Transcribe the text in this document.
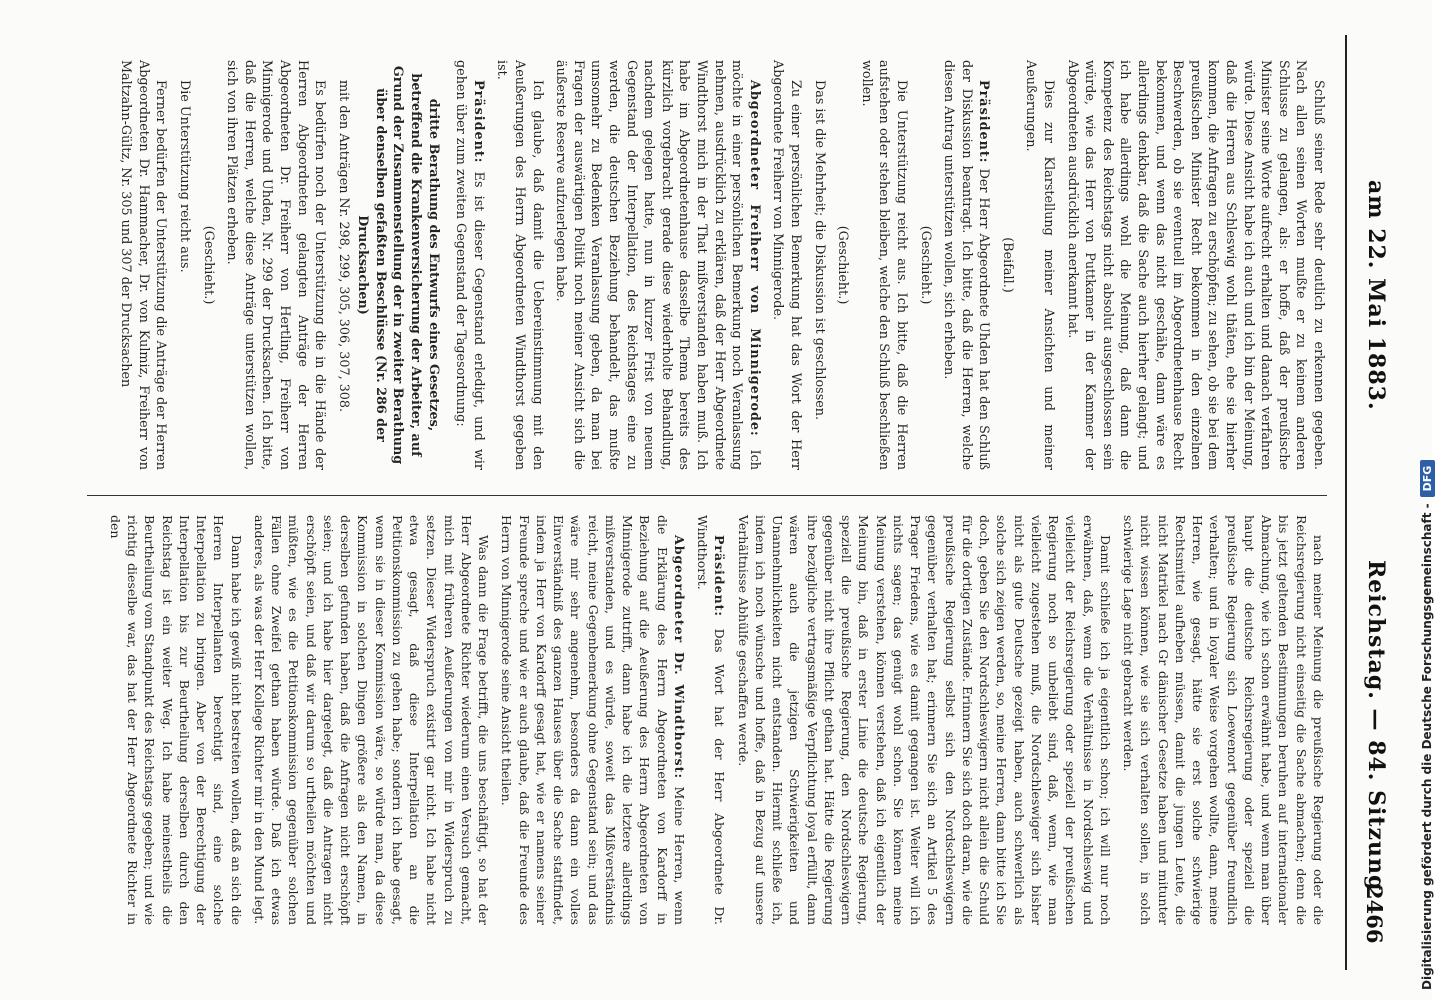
2466
Reichstag. — 84. Sitzung
am 22. Mai 1883.

nach meiner Meinung die preußische Regierung oder die Reichsregierung nicht einseitig die Sache abmachen; denn die bis jetzt geltenden Bestimmungen beruhen auf internationaler Abmachung, wie ich schon erwähnt habe, und wenn man über haupt die deutsche Reichsregierung oder speziell die preußische Regierung sich Loewenort gegenüber freundlich verhalten; und in loyaler Weise vorgehen wollte, dann, meine Herren, wie gesagt, hätte sie erst solche schwierige Rechtsmittel aufheben müssen, damit die jungen Leute, die nicht Matrikel nach Gr dänischer Gesetze haben und mitunter nicht wissen können, wie sie sich verhalten sollen, in solch schwierige Lage nicht gebracht werden.

Damit schließe ich ja eigentlich schon; ich will nur noch erwähnen, daß, wenn die Verhältnisse in Nordschleswig und vielleicht der Reichsregierung oder speziell der preußischen Regierung noch so unbeliebt sind, daß, wenn, wie man vielleicht zugestehen muß, die Nordschleswiger sich bisher nicht als gute Deutsche gezeigt haben, auch schwerlich als solche sich zeigen werden, so, meine Herren, dann bitte ich Sie doch, geben Sie den Nordschleswigern nicht allein die Schuld für die dortigen Zustände. Erinnern Sie sich doch daran, wie die preußische Regierung selbst sich den Nordschleswigern gegenüber verhalten hat; erinnern Sie sich an Artikel 5 des Prager Friedens, wie es damit gegangen ist. Weiter will ich nichts sagen; das genügt wohl schon. Sie können meine Meinung verstehen, können verstehen, daß ich eigentlich der Meinung bin, daß in erster Linie die deutsche Regierung, speziell die preußische Regierung, den Nordschleswigern gegenüber nicht ihre Pflicht gethan hat. Hätte die Regierung ihre bezügliche vertragsmäßige Verpflichtung loyal erfüllt, dann wären auch die jetzigen Schwierigkeiten und Unannehmlichkeiten nicht entstanden. Hiermit schließe ich, indem ich noch wünsche und hoffe, daß in Bezug auf unsere Verhältnisse Abhülfe geschaffen werde.

Präsident: Das Wort hat der Herr Abgeordnete Dr. Windthorst.

Abgeordneter Dr. Windthorst: Meine Herren, wenn die Erklärung des Herrn Abgeordneten von Kardorff in Beziehung auf die Aeußerung des Herrn Abgeordneten von Minnigerode zutrifft, dann habe ich die letztere allerdings mißverstanden, und es würde, soweit das Mißverständnis reicht, meine Gegenbemerkung ohne Gegenstand sein; und das wäre mir sehr angenehm, besonders da dann ein volles Einverständniß des ganzen Hauses über die Sache stattfindet, indem ja Herr von Kardorff gesagt hat, wie er namens seiner Freunde spreche und wie er auch glaube, daß die Freunde des Herrn von Minnigerode seine Ansicht theilen.

Was dann die Frage betrifft, die uns beschäftigt, so hat der Herr Abgeordnete Richter wiederum einen Versuch gemacht, mich mit früheren Aeußerungen von mir in Widerspruch zu setzen. Dieser Widerspruch existirt gar nicht. Ich habe nicht etwa gesagt, daß diese Interpellation an die Petitionskommission zu gehen habe; sondern ich habe gesagt, wenn sie in dieser Kommission wäre, so würde man, da diese Kommission in solchen Dingen größere als den Namen, in derselben gefunden haben, daß die Anfragen nicht erschöpft seien; und ich habe hier dargelegt, daß die Antragen nicht erschöpft seien, und daß wir darum so urtheilen möchten und müßten, wie es die Petitionskommission gegenüber solchen Fällen ohne Zweifel gethan haben würde. Daß ich etwas anderes, als was der Herr Kollege Richter mir in den Mund legt.

Dann habe ich gewiß nicht bestreiten wollen, daß an sich die Herren Interpellanten berechtigt sind, eine solche Interpellation zu bringen. Aber von der Berechtigung der Interpellation bis zur Beurtheilung derselben durch den Reichstag ist ein weiter Weg. Ich habe meinestheils die Beurtheilung vom Standpunkt des Reichstags gegeben; und wie richtig dieselbe war, das hat der Herr Abgeordnete Richter in den

Schluß seiner Rede sehr deutlich zu erkennen gegeben. Nach allen seinen Worten mußte er zu keinem anderen Schlusse zu gelangen, als: er hoffe, daß der preußische Minister seine Worte aufrecht erhalten und danach verfahren würde. Diese Ansicht habe ich auch und ich bin der Meinung, daß die Herren aus Schleswig wohl thäten, ehe sie hierher kommen, die Anfragen zu erschöpfen; zu sehen, ob sie bei dem preußischen Minister Recht bekommen in den einzelnen Beschwerden, ob sie eventuell im Abgeordnetenhause Recht bekommen, und wenn das nicht geschähe, dann wäre es allerdings denkbar, daß die Sache auch hierher gelangt; und ich habe allerdings wohl die Meinung, daß dann die Kompetenz des Reichstags nicht absolut ausgeschlossen sein würde, wie das Herr von Puttkamer in der Kammer der Abgeordneten ausdrücklich anerkannt hat.

Dies zur Klarstellung meiner Ansichten und meiner Aeußerungen.

(Beifall.)

Präsident: Der Herr Abgeordnete Uhden hat den Schluß der Diskussion beantragt. Ich bitte, daß die Herren, welche diesen Antrag unterstützen wollen, sich erheben.

(Geschieht.)

Die Unterstützung reicht aus. Ich bitte, daß die Herren aufstehen oder stehen bleiben, welche den Schluß beschließen wollen.

(Geschieht.)

Das ist die Mehrheit; die Diskussion ist geschlossen.

Zu einer persönlichen Bemerkung hat das Wort der Herr Abgeordnete Freiherr von Minnigerode.

Abgeordneter Freiherr von Minnigerode: Ich möchte in einer persönlichen Bemerkung noch Veranlassung nehmen, ausdrücklich zu erklären, daß der Herr Abgeordnete Windthorst mich in der That mißverstanden haben muß. Ich habe im Abgeordnetenhause dasselbe Thema bereits des kürzlich vorgebracht gerade diese wiederholte Behandlung, nachdem gelegen hatte, nun in kurzer Frist von neuem Gegenstand der Interpellation, des Reichstages eine zu werden, die deutschen Beziehung behandelt, das mußte umsomehr zu Bedenken Veranlassung geben, da man bei Fragen der auswärtigen Politik noch meiner Ansicht sich die äußerste Reserve aufzuerlegen habe.

Ich glaube, daß damit die Uebereinstimmung mit den Aeußerungen des Herrn Abgeordneten Windthorst gegeben ist.

Präsident: Es ist dieser Gegenstand erledigt, und wir gehen über zum zweiten Gegenstand der Tagesordnung:

dritte Berathung des Entwurfs eines Gesetzes, betreffend die Krankenversicherung der Arbeiter, auf Grund der Zusammenstellung der in zweiter Berathung über denselben gefaßten Beschlüsse (Nr. 286 der Drucksachen)

mit den Anträgen Nr. 298, 299, 305, 306, 307, 308.

Es bedürfen noch der Unterstützung die in die Hände der Herren Abgeordneten gelangten Anträge der Herren Abgeordneten Dr. Freiherr von Hertling, Freiherr von Minnigerode und Uhden, Nr. 299 der Drucksachen. Ich bitte, daß die Herren, welche diese Anträge unterstützen wollen, sich von ihren Plätzen erheben.

(Geschieht.)

Die Unterstützung reicht aus.

Ferner bedürfen der Unterstützung die Anträge der Herren Abgeordneten Dr. Hammacher, Dr. von Kulmiz, Freiherr von Maltzahn-Gültz, Nr. 305 und 307 der Drucksachen

Digitalisierung gefördert durch die Deutsche Forschungsgemeinschaft -DFG
